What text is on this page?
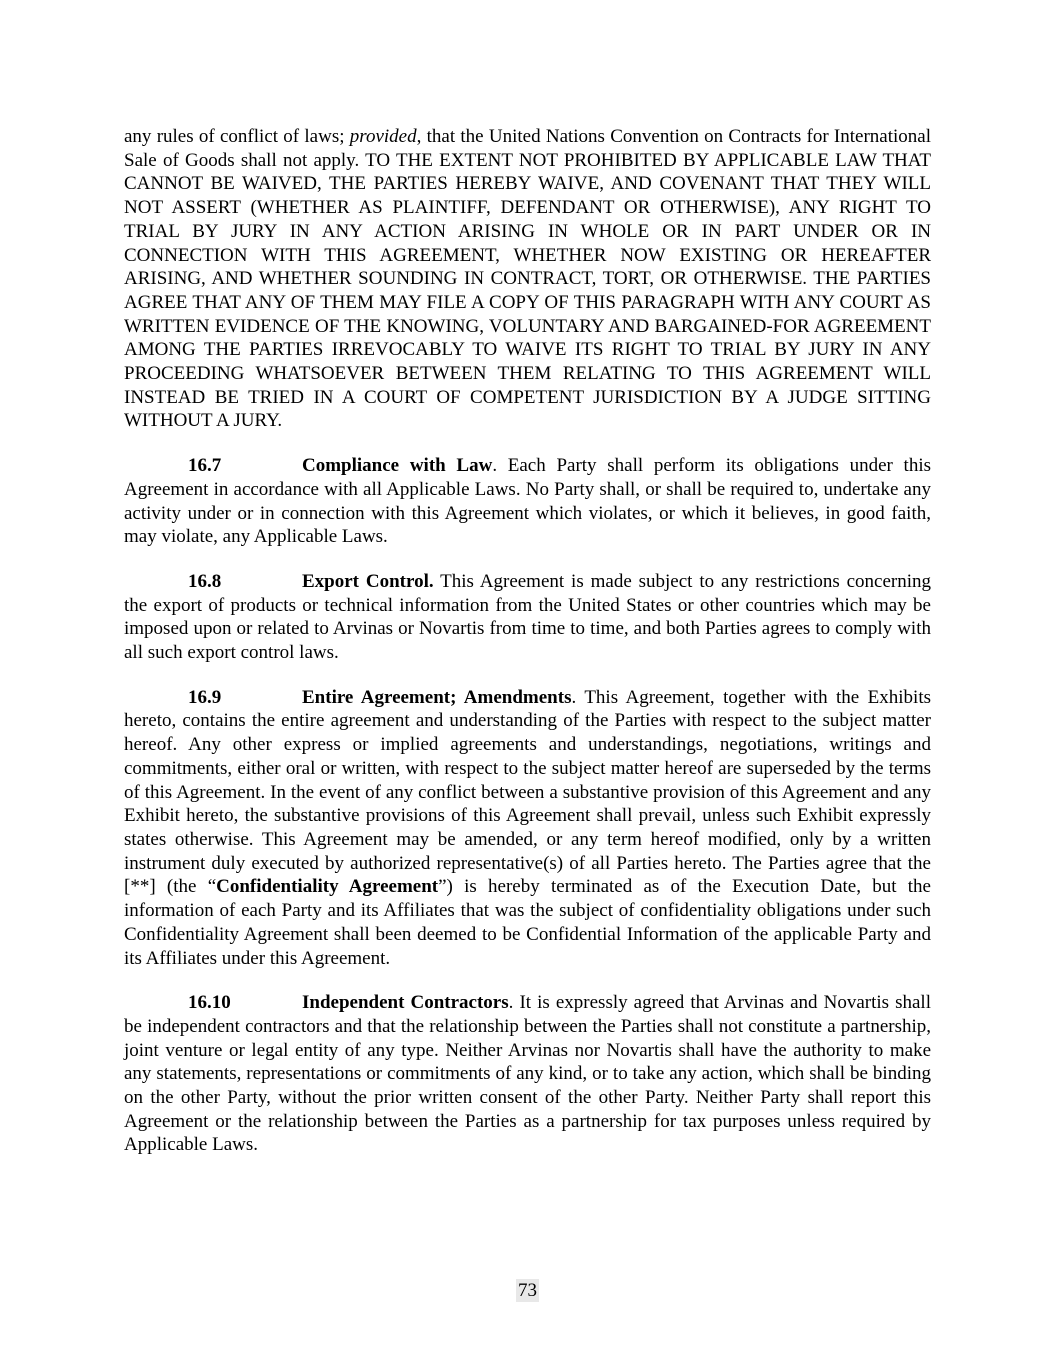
any rules of conflict of laws; provided, that the United Nations Convention on Contracts for International Sale of Goods shall not apply. TO THE EXTENT NOT PROHIBITED BY APPLICABLE LAW THAT CANNOT BE WAIVED, THE PARTIES HEREBY WAIVE, AND COVENANT THAT THEY WILL NOT ASSERT (WHETHER AS PLAINTIFF, DEFENDANT OR OTHERWISE), ANY RIGHT TO TRIAL BY JURY IN ANY ACTION ARISING IN WHOLE OR IN PART UNDER OR IN CONNECTION WITH THIS AGREEMENT, WHETHER NOW EXISTING OR HEREAFTER ARISING, AND WHETHER SOUNDING IN CONTRACT, TORT, OR OTHERWISE. THE PARTIES AGREE THAT ANY OF THEM MAY FILE A COPY OF THIS PARAGRAPH WITH ANY COURT AS WRITTEN EVIDENCE OF THE KNOWING, VOLUNTARY AND BARGAINED-FOR AGREEMENT AMONG THE PARTIES IRREVOCABLY TO WAIVE ITS RIGHT TO TRIAL BY JURY IN ANY PROCEEDING WHATSOEVER BETWEEN THEM RELATING TO THIS AGREEMENT WILL INSTEAD BE TRIED IN A COURT OF COMPETENT JURISDICTION BY A JUDGE SITTING WITHOUT A JURY.

16.7	Compliance with Law. Each Party shall perform its obligations under this Agreement in accordance with all Applicable Laws. No Party shall, or shall be required to, undertake any activity under or in connection with this Agreement which violates, or which it believes, in good faith, may violate, any Applicable Laws.

16.8	Export Control. This Agreement is made subject to any restrictions concerning the export of products or technical information from the United States or other countries which may be imposed upon or related to Arvinas or Novartis from time to time, and both Parties agrees to comply with all such export control laws.

16.9	Entire Agreement; Amendments. This Agreement, together with the Exhibits hereto, contains the entire agreement and understanding of the Parties with respect to the subject matter hereof. Any other express or implied agreements and understandings, negotiations, writings and commitments, either oral or written, with respect to the subject matter hereof are superseded by the terms of this Agreement. In the event of any conflict between a substantive provision of this Agreement and any Exhibit hereto, the substantive provisions of this Agreement shall prevail, unless such Exhibit expressly states otherwise. This Agreement may be amended, or any term hereof modified, only by a written instrument duly executed by authorized representative(s) of all Parties hereto. The Parties agree that the [**] (the “Confidentiality Agreement”) is hereby terminated as of the Execution Date, but the information of each Party and its Affiliates that was the subject of confidentiality obligations under such Confidentiality Agreement shall been deemed to be Confidential Information of the applicable Party and its Affiliates under this Agreement.

16.10	Independent Contractors. It is expressly agreed that Arvinas and Novartis shall be independent contractors and that the relationship between the Parties shall not constitute a partnership, joint venture or legal entity of any type. Neither Arvinas nor Novartis shall have the authority to make any statements, representations or commitments of any kind, or to take any action, which shall be binding on the other Party, without the prior written consent of the other Party. Neither Party shall report this Agreement or the relationship between the Parties as a partnership for tax purposes unless required by Applicable Laws.

73
